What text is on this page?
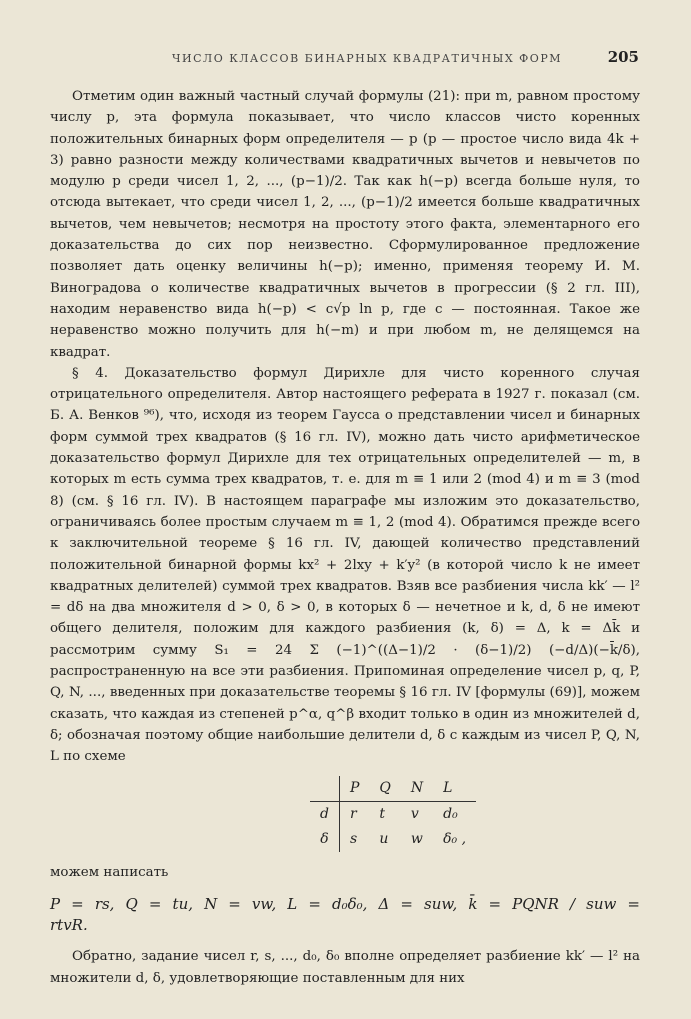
ЧИСЛО КЛАССОВ БИНАРНЫХ КВАДРАТИЧНЫХ ФОРМ	205

Отметим один важный частный случай формулы (21): при m, равном простому числу p, эта формула показывает, что число классов чисто коренных положительных бинарных форм определителя — p (p — простое число вида 4k + 3) равно разности между количествами квадратичных вычетов и невычетов по модулю p среди чисел 1, 2, ..., (p−1)/2. Так как h(−p) всегда больше нуля, то отсюда вытекает, что среди чисел 1, 2, ..., (p−1)/2 имеется больше квадратичных вычетов, чем невычетов; несмотря на простоту этого факта, элементарного его доказательства до сих пор неизвестно. Сформулированное предложение позволяет дать оценку величины h(−p); именно, применяя теорему И. М. Виноградова о количестве квадратичных вычетов в прогрессии (§ 2 гл. III), находим неравенство вида h(−p) < c√p ln p, где c — постоянная. Такое же неравенство можно получить для h(−m) и при любом m, не делящемся на квадрат.

§ 4. Доказательство формул Дирихле для чисто коренного случая отрицательного определителя. Автор настоящего реферата в 1927 г. показал (см. Б. А. Венков ⁹⁶), что, исходя из теорем Гаусса о представлении чисел и бинарных форм суммой трех квадратов (§ 16 гл. IV), можно дать чисто арифметическое доказательство формул Дирихле для тех отрицательных определителей — m, в которых m есть сумма трех квадратов, т. е. для m ≡ 1 или 2 (mod 4) и m ≡ 3 (mod 8) (см. § 16 гл. IV). В настоящем параграфе мы изложим это доказательство, ограничиваясь более простым случаем m ≡ 1, 2 (mod 4). Обратимся прежде всего к заключительной теореме § 16 гл. IV, дающей количество представлений положительной бинарной формы kx² + 2lxy + k′y² (в которой число k не имеет квадратных делителей) суммой трех квадратов. Взяв все разбиения числа kk′ — l² = dδ на два множителя d > 0, δ > 0, в которых δ — нечетное и k, d, δ не имеют общего делителя, положим для каждого разбиения (k, δ) = Δ, k = Δk̄ и рассмотрим сумму S₁ = 24 Σ (−1)^((Δ−1)/2 · (δ−1)/2) (−d/Δ)(−k̄/δ), распространенную на все эти разбиения. Припоминая определение чисел p, q, P, Q, N, ..., введенных при доказательстве теоремы § 16 гл. IV [формулы (69)], можем сказать, что каждая из степеней p^α, q^β входит только в один из множителей d, δ; обозначая поэтому общие наибольшие делители d, δ с каждым из чисел P, Q, N, L по схеме

	P	Q	N	L
d	r	t	v	d₀
δ	s	u	w	δ₀ ,

можем написать

P = rs, Q = tu, N = vw, L = d₀δ₀, Δ = suw, k̄ = PQNR / suw = rtvR.

Обратно, задание чисел r, s, ..., d₀, δ₀ вполне определяет разбиение kk′ — l² на множители d, δ, удовлетворяющие поставленным для них
